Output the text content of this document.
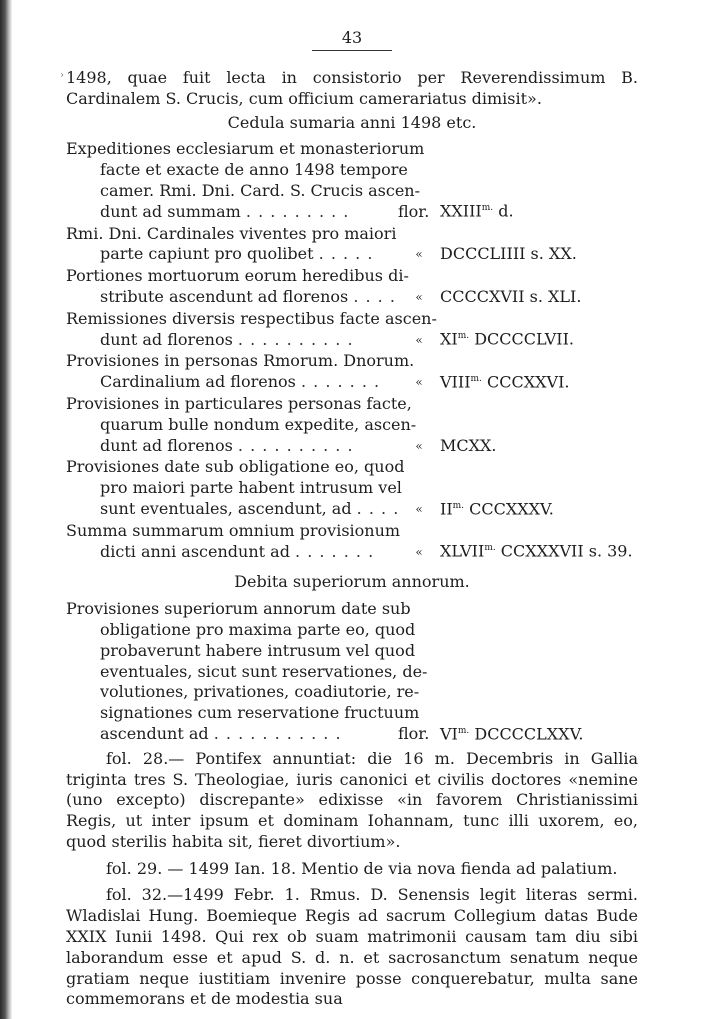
43
› 1498, quae fuit lecta in consistorio per Reverendissimum B. Cardinalem S. Crucis, cum officium camerariatus dimisit».

Cedula sumaria anni 1498 etc.

Expeditiones ecclesiarum et monasteriorum
facte et exacte de anno 1498 tempore
camer. Rmi. Dni. Card. S. Crucis ascen-
dunt ad summam . . . . . . . . .	flor. $XXIII^{m.}$ d.
Rmi. Dni. Cardinales viventes pro maiori
parte capiunt pro quolibet . . . . .	«	DCCCLIIII s. XX.
Portiones mortuorum eorum heredibus di-
stribute ascendunt ad florenos . . . .	«	CCCCXVII s. XLI.
Remissiones diversis respectibus facte ascen-
dunt ad florenos . . . . . . . . . .	«	$XI^{m.}$ DCCCCLVII.
Provisiones in personas Rmorum. Dnorum.
Cardinalium ad florenos . . . . . . .	«	$VIII^{m.}$ CCCXXVI.
Provisiones in particulares personas facte,
quarum bulle nondum expedite, ascen-
dunt ad florenos . . . . . . . . . .	«	MCXX.
Provisiones date sub obligatione eo, quod
pro maiori parte habent intrusum vel
sunt eventuales, ascendunt, ad . . . .	«	$II^{m.}$ CCCXXXV.
Summa summarum omnium provisionum
dicti anni ascendunt ad . . . . . . .	«	$XLVII^{m.}$ CCXXXVII s. 39.

Debita superiorum annorum.

Provisiones superiorum annorum date sub
obligatione pro maxima parte eo, quod
probaverunt habere intrusum vel quod
eventuales, sicut sunt reservationes, de-
volutiones, privationes, coadiutorie, re-
signationes cum reservatione fructuum
ascendunt ad . . . . . . . . . . .	flor. $VI^{m.}$ DCCCCLXXV.

fol. 28.— Pontifex annuntiat: die 16 m. Decembris in Gallia triginta tres S. Theologiae, iuris canonici et civilis doctores «nemine (uno excepto) discrepante» edixisse «in favorem Christianissimi Regis, ut inter ipsum et dominam Iohannam, tunc illi uxorem, eo, quod sterilis habita sit, fieret divortium».

fol. 29. — 1499 Ian. 18. Mentio de via nova fienda ad palatium.

fol. 32.—1499 Febr. 1. Rmus. D. Senensis legit literas sermi. Wladislai Hung. Boemieque Regis ad sacrum Collegium datas Bude XXIX Iunii 1498. Qui rex ob suam matrimonii causam tam diu sibi laborandum esse et apud S. d. n. et sacrosanctum senatum neque gratiam neque iustitiam invenire posse conquerebatur, multa sane commemorans et de modestia sua
